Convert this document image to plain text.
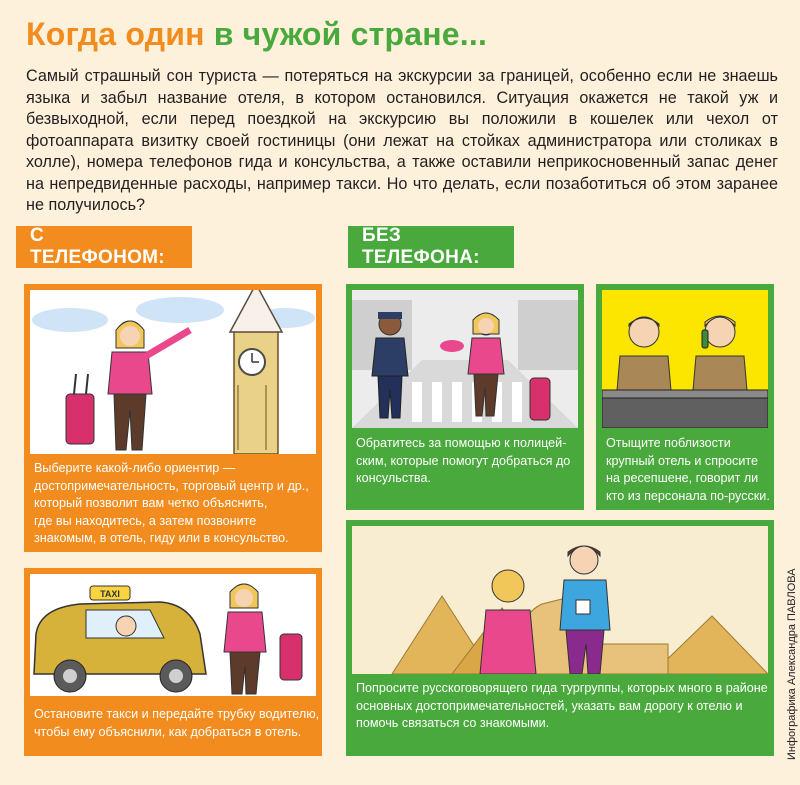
Когда один в чужой стране...

Самый страшный сон туриста — потеряться на экскурсии за границей, особенно если не знаешь языка и забыл название отеля, в котором остановился. Ситуация окажется не такой уж и безвыходной, если перед поездкой на экскурсию вы положили в кошелек или чехол от фотоаппарата визитку своей гостиницы (они лежат на стойках администратора или столиках в холле), номера телефонов гида и консульства, а также оставили неприкосновенный запас денег на непредвиденные расходы, например такси. Но что делать, если позаботиться об этом заранее не получилось?

С ТЕЛЕФОНОМ:
БЕЗ ТЕЛЕФОНА:
Выберите какой-либо ориентир —
достопримечательность, торговый центр и др.,
который позволит вам четко объяснить,
где вы находитесь, а затем позвоните
знакомым, в отель, гиду или в консульство.
TAXI
Остановите такси и передайте трубку водителю,
чтобы ему объяснили, как добраться в отель.
Обратитесь за помощью к полицей-
ским, которые помогут добраться до
консульства.
Отыщите поблизости
крупный отель и спросите
на ресепшене, говорит ли
кто из персонала по-русски.
Попросите русскоговорящего гида тургруппы, которых много в районе
основных достопримечательностей, указать вам дорогу к отелю и
помочь связаться со знакомыми.	Инфографика Александра ПАВЛОВА
